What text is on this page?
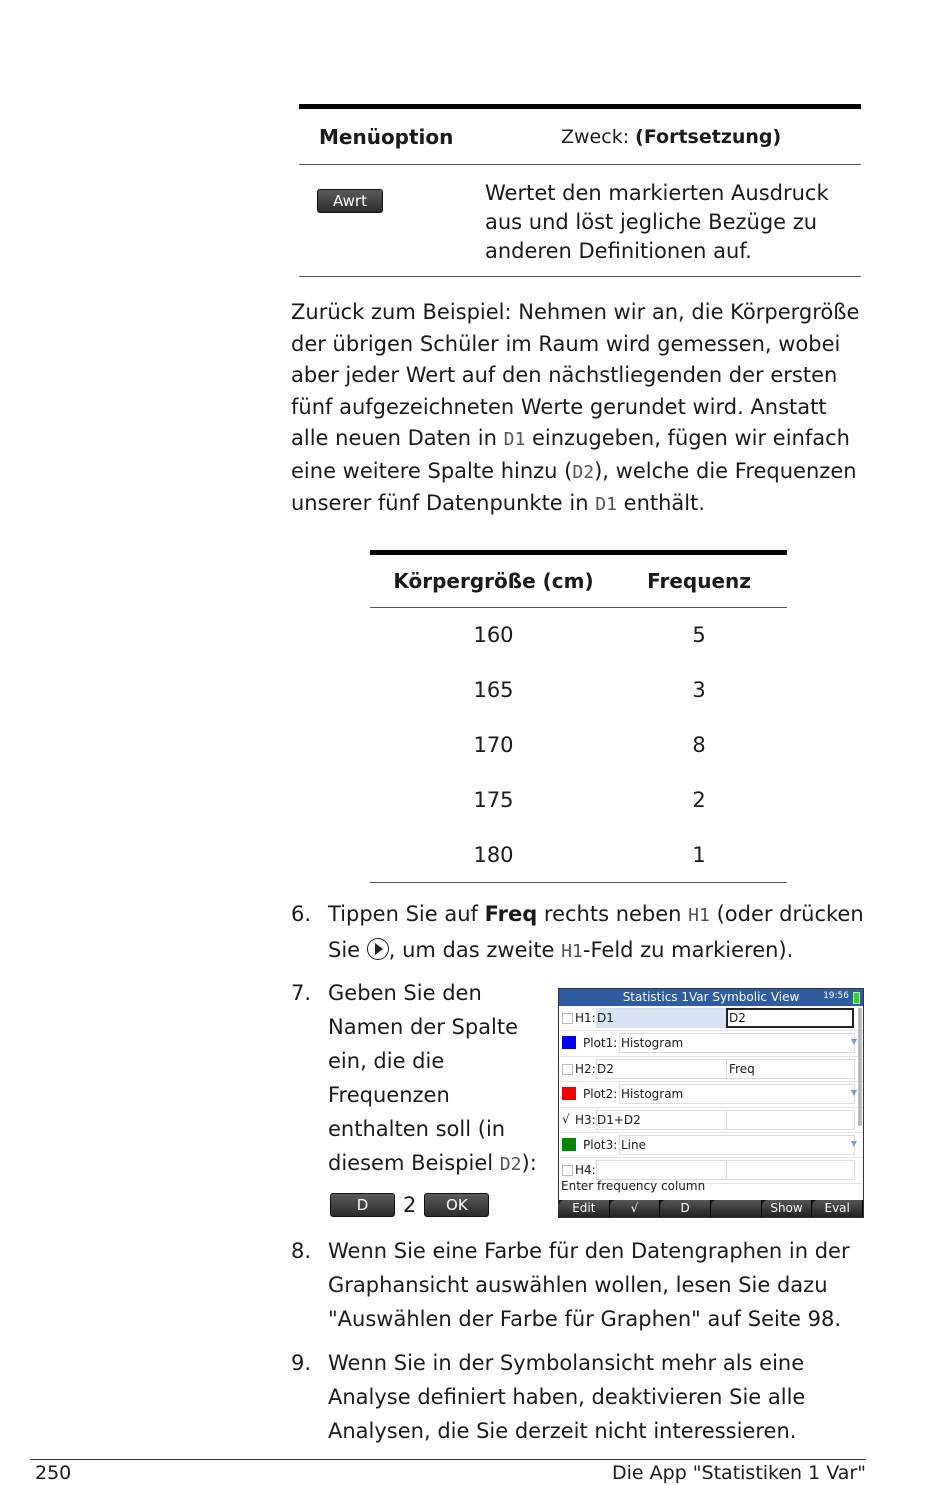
Menüoption	Zweck: (Fortsetzung)
Awrt	Wertet den markierten Ausdruck aus und löst jegliche Bezüge zu anderen Definitionen auf.

Zurück zum Beispiel: Nehmen wir an, die Körpergröße der übrigen Schüler im Raum wird gemessen, wobei aber jeder Wert auf den nächstliegenden der ersten fünf aufgezeichneten Werte gerundet wird. Anstatt alle neuen Daten in D1 einzugeben, fügen wir einfach eine weitere Spalte hinzu (D2), welche die Frequenzen unserer fünf Datenpunkte in D1 enthält.

Körpergröße (cm)	Frequenz
160	5
165	3
170	8
175	2
180	1
6. Tippen Sie auf Freq rechts neben H1 (oder drücken Sie , um das zweite H1-Feld zu markieren).
7. Geben Sie den
Namen der Spalte
ein, die die
Frequenzen
enthalten soll (in
diesem Beispiel D2):
D	2	OK
Statistics 1Var Symbolic View	19:56
H1: D1	D2
Plot1: Histogram	▼
H2: D2	Freq
Plot2: Histogram	▼
√ H3: D1+D2
Plot3: Line	▼
H4:
Enter frequency column
Edit	√	D	Show	Eval
8. Wenn Sie eine Farbe für den Datengraphen in der Graphansicht auswählen wollen, lesen Sie dazu "Auswählen der Farbe für Graphen" auf Seite 98.
9. Wenn Sie in der Symbolansicht mehr als eine Analyse definiert haben, deaktivieren Sie alle Analysen, die Sie derzeit nicht interessieren.
250	Die App "Statistiken 1 Var"
